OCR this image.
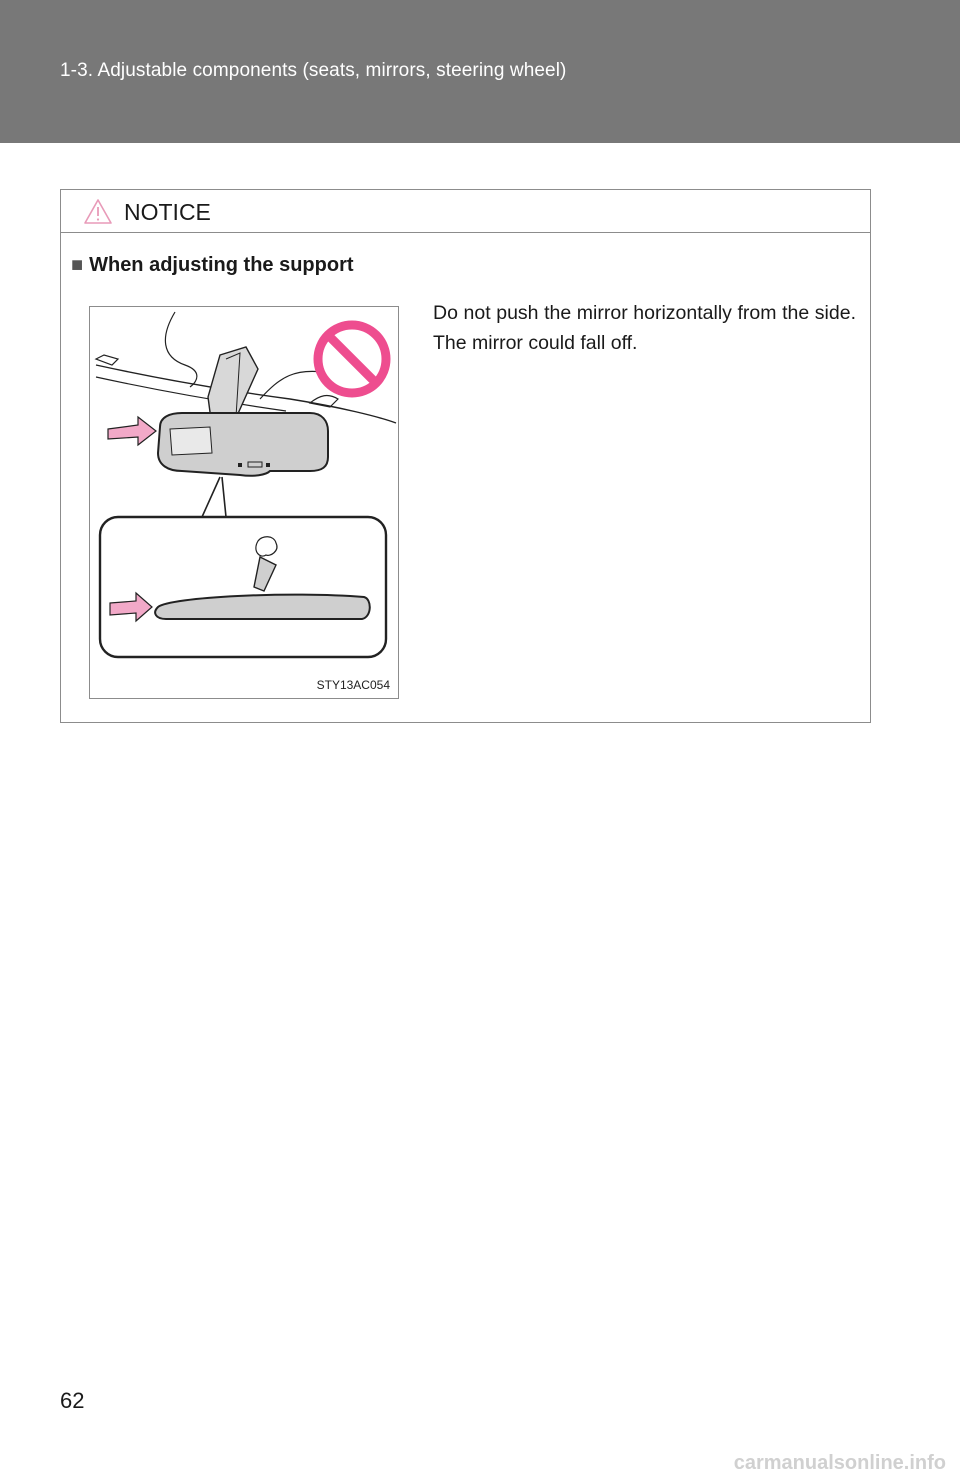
1-3. Adjustable components (seats, mirrors, steering wheel)
NOTICE
■ When adjusting the support
STY13AC054
Do not push the mirror horizontally from the side. The mirror could fall off.
62
carmanualsonline.info
